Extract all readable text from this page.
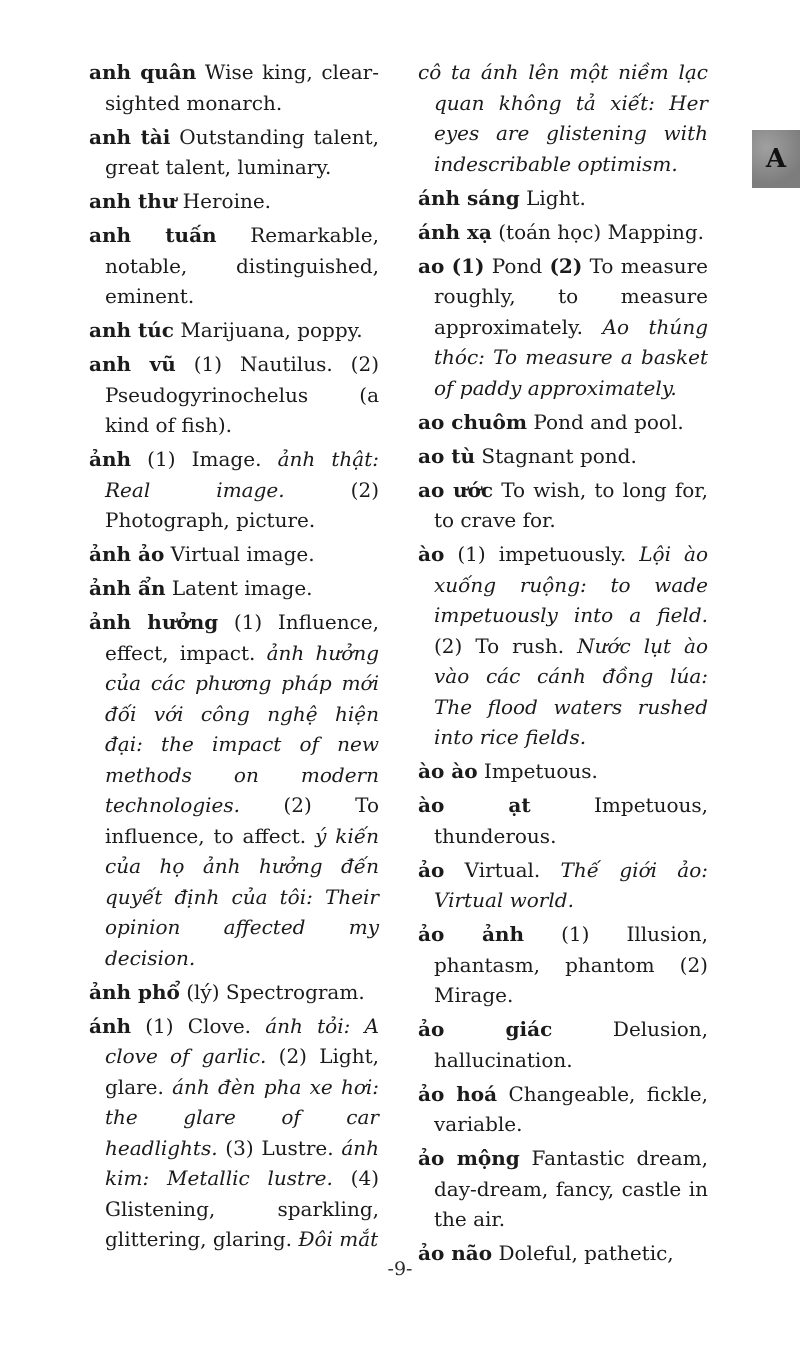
anh quân Wise king, clear-sighted monarch.

anh tài Outstanding talent, great talent, luminary.

anh thư Heroine.

anh tuấn Remarkable, notable, distinguished, eminent.

anh túc Marijuana, poppy.

anh vũ (1) Nautilus. (2) Pseudogyrinochelus (a kind of fish).

ảnh (1) Image. ảnh thật: Real image. (2) Photograph, picture.

ảnh ảo Virtual image.

ảnh ẩn Latent image.

ảnh hưởng (1) Influence, effect, impact. ảnh hưởng của các phương pháp mới đối với công nghệ hiện đại: the impact of new methods on modern technologies. (2) To influence, to affect. ý kiến của họ ảnh hưởng đến quyết định của tôi: Their opinion affected my decision.

ảnh phổ (lý) Spectrogram.

ánh (1) Clove. ánh tỏi: A clove of garlic. (2) Light, glare. ánh đèn pha xe hơi: the glare of car headlights. (3) Lustre. ánh kim: Metallic lustre. (4) Glistening, sparkling, glittering, glaring. Đôi mắt

cô ta ánh lên một niềm lạc quan không tả xiết: Her eyes are glistening with indescribable optimism.

ánh sáng Light.

ánh xạ (toán học) Mapping.

ao (1) Pond (2) To measure roughly, to measure approximately. Ao thúng thóc: To measure a basket of paddy approximately.

ao chuôm Pond and pool.

ao tù Stagnant pond.

ao ước To wish, to long for, to crave for.

ào (1) impetuously. Lội ào xuống ruộng: to wade impetuously into a field. (2) To rush. Nước lụt ào vào các cánh đồng lúa: The flood waters rushed into rice fields.

ào ào Impetuous.

ào ạt Impetuous, thunderous.

ảo Virtual. Thế giới ảo: Virtual world.

ảo ảnh (1) Illusion, phantasm, phantom (2) Mirage.

ảo giác Delusion, hallucination.

ảo hoá Changeable, fickle, variable.

ảo mộng Fantastic dream, day-dream, fancy, castle in the air.

ảo não Doleful, pathetic,

A
-9-
